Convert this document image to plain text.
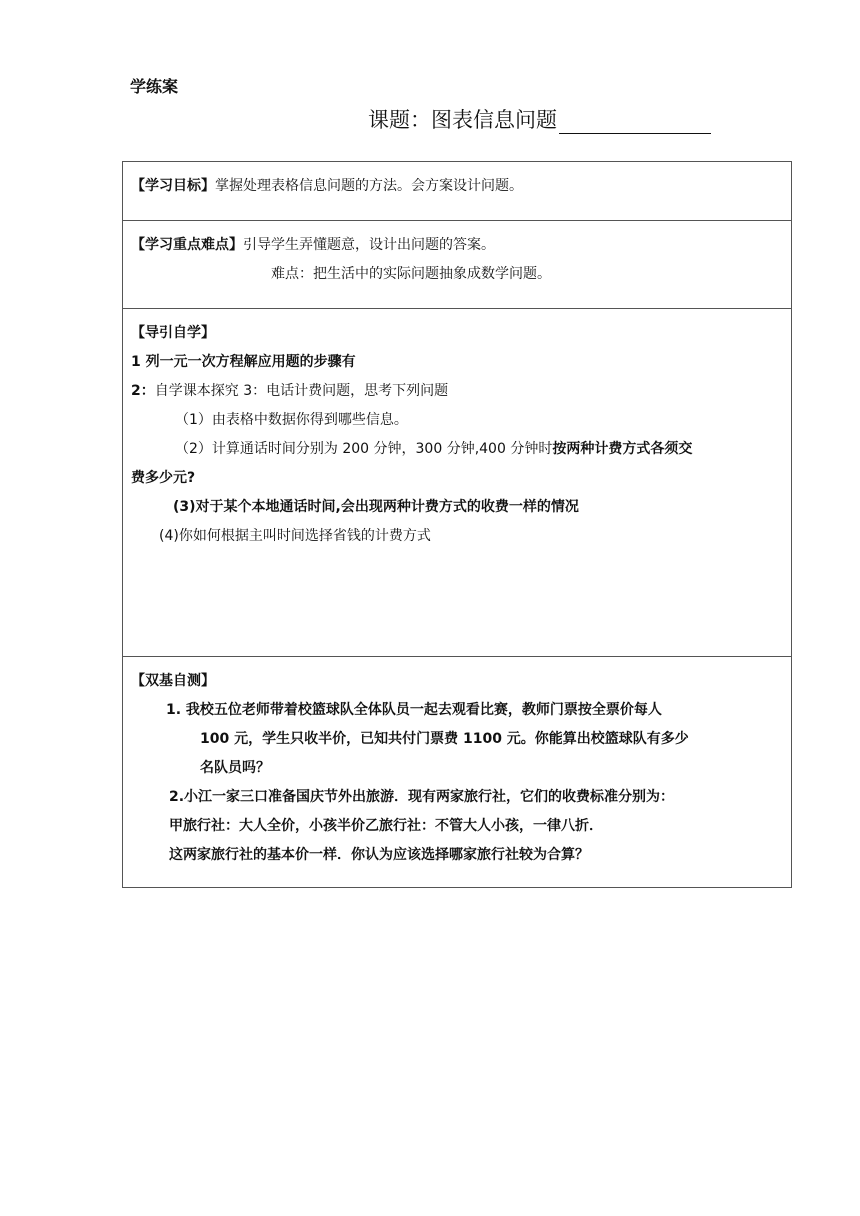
学练案
课题：图表信息问题
【学习目标】掌握处理表格信息问题的方法。会方案设计问题。
【学习重点难点】引导学生弄懂题意，设计出问题的答案。
难点：把生活中的实际问题抽象成数学问题。
【导引自学】
1 列一元一次方程解应用题的步骤有
2：自学课本探究 3：电话计费问题，思考下列问题
（1）由表格中数据你得到哪些信息。
（2）计算通话时间分别为 200 分钟，300 分钟,400 分钟时按两种计费方式各须交
费多少元?
(3)对于某个本地通话时间,会出现两种计费方式的收费一样的情况
(4)你如何根据主叫时间选择省钱的计费方式
【双基自测】
1. 我校五位老师带着校篮球队全体队员一起去观看比赛，教师门票按全票价每人
100 元，学生只收半价，已知共付门票费 1100 元。你能算出校篮球队有多少
名队员吗？
2.小江一家三口准备国庆节外出旅游．现有两家旅行社，它们的收费标准分别为：
甲旅行社：大人全价，小孩半价乙旅行社：不管大人小孩，一律八折．
这两家旅行社的基本价一样．你认为应该选择哪家旅行社较为合算？
